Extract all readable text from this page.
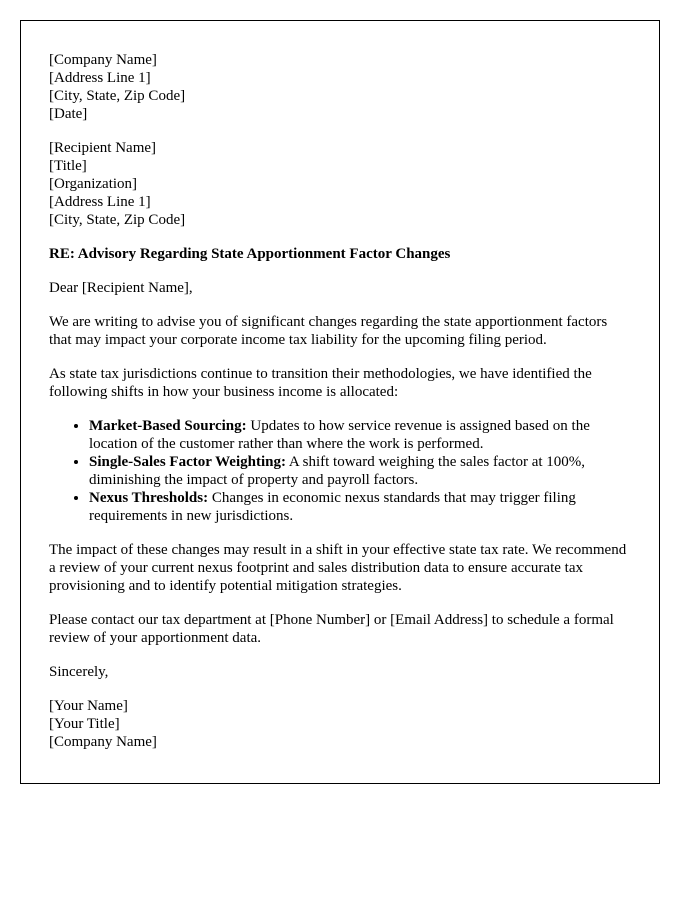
[Company Name]
[Address Line 1]
[City, State, Zip Code]
[Date]
[Recipient Name]
[Title]
[Organization]
[Address Line 1]
[City, State, Zip Code]

RE: Advisory Regarding State Apportionment Factor Changes

Dear [Recipient Name],

We are writing to advise you of significant changes regarding the state apportionment factors that may impact your corporate income tax liability for the upcoming filing period.

As state tax jurisdictions continue to transition their methodologies, we have identified the following shifts in how your business income is allocated:

• Market-Based Sourcing: Updates to how service revenue is assigned based on the location of the customer rather than where the work is performed.
• Single-Sales Factor Weighting: A shift toward weighing the sales factor at 100%, diminishing the impact of property and payroll factors.
• Nexus Thresholds: Changes in economic nexus standards that may trigger filing requirements in new jurisdictions.

The impact of these changes may result in a shift in your effective state tax rate. We recommend a review of your current nexus footprint and sales distribution data to ensure accurate tax provisioning and to identify potential mitigation strategies.

Please contact our tax department at [Phone Number] or [Email Address] to schedule a formal review of your apportionment data.

Sincerely,

[Your Name]
[Your Title]
[Company Name]
